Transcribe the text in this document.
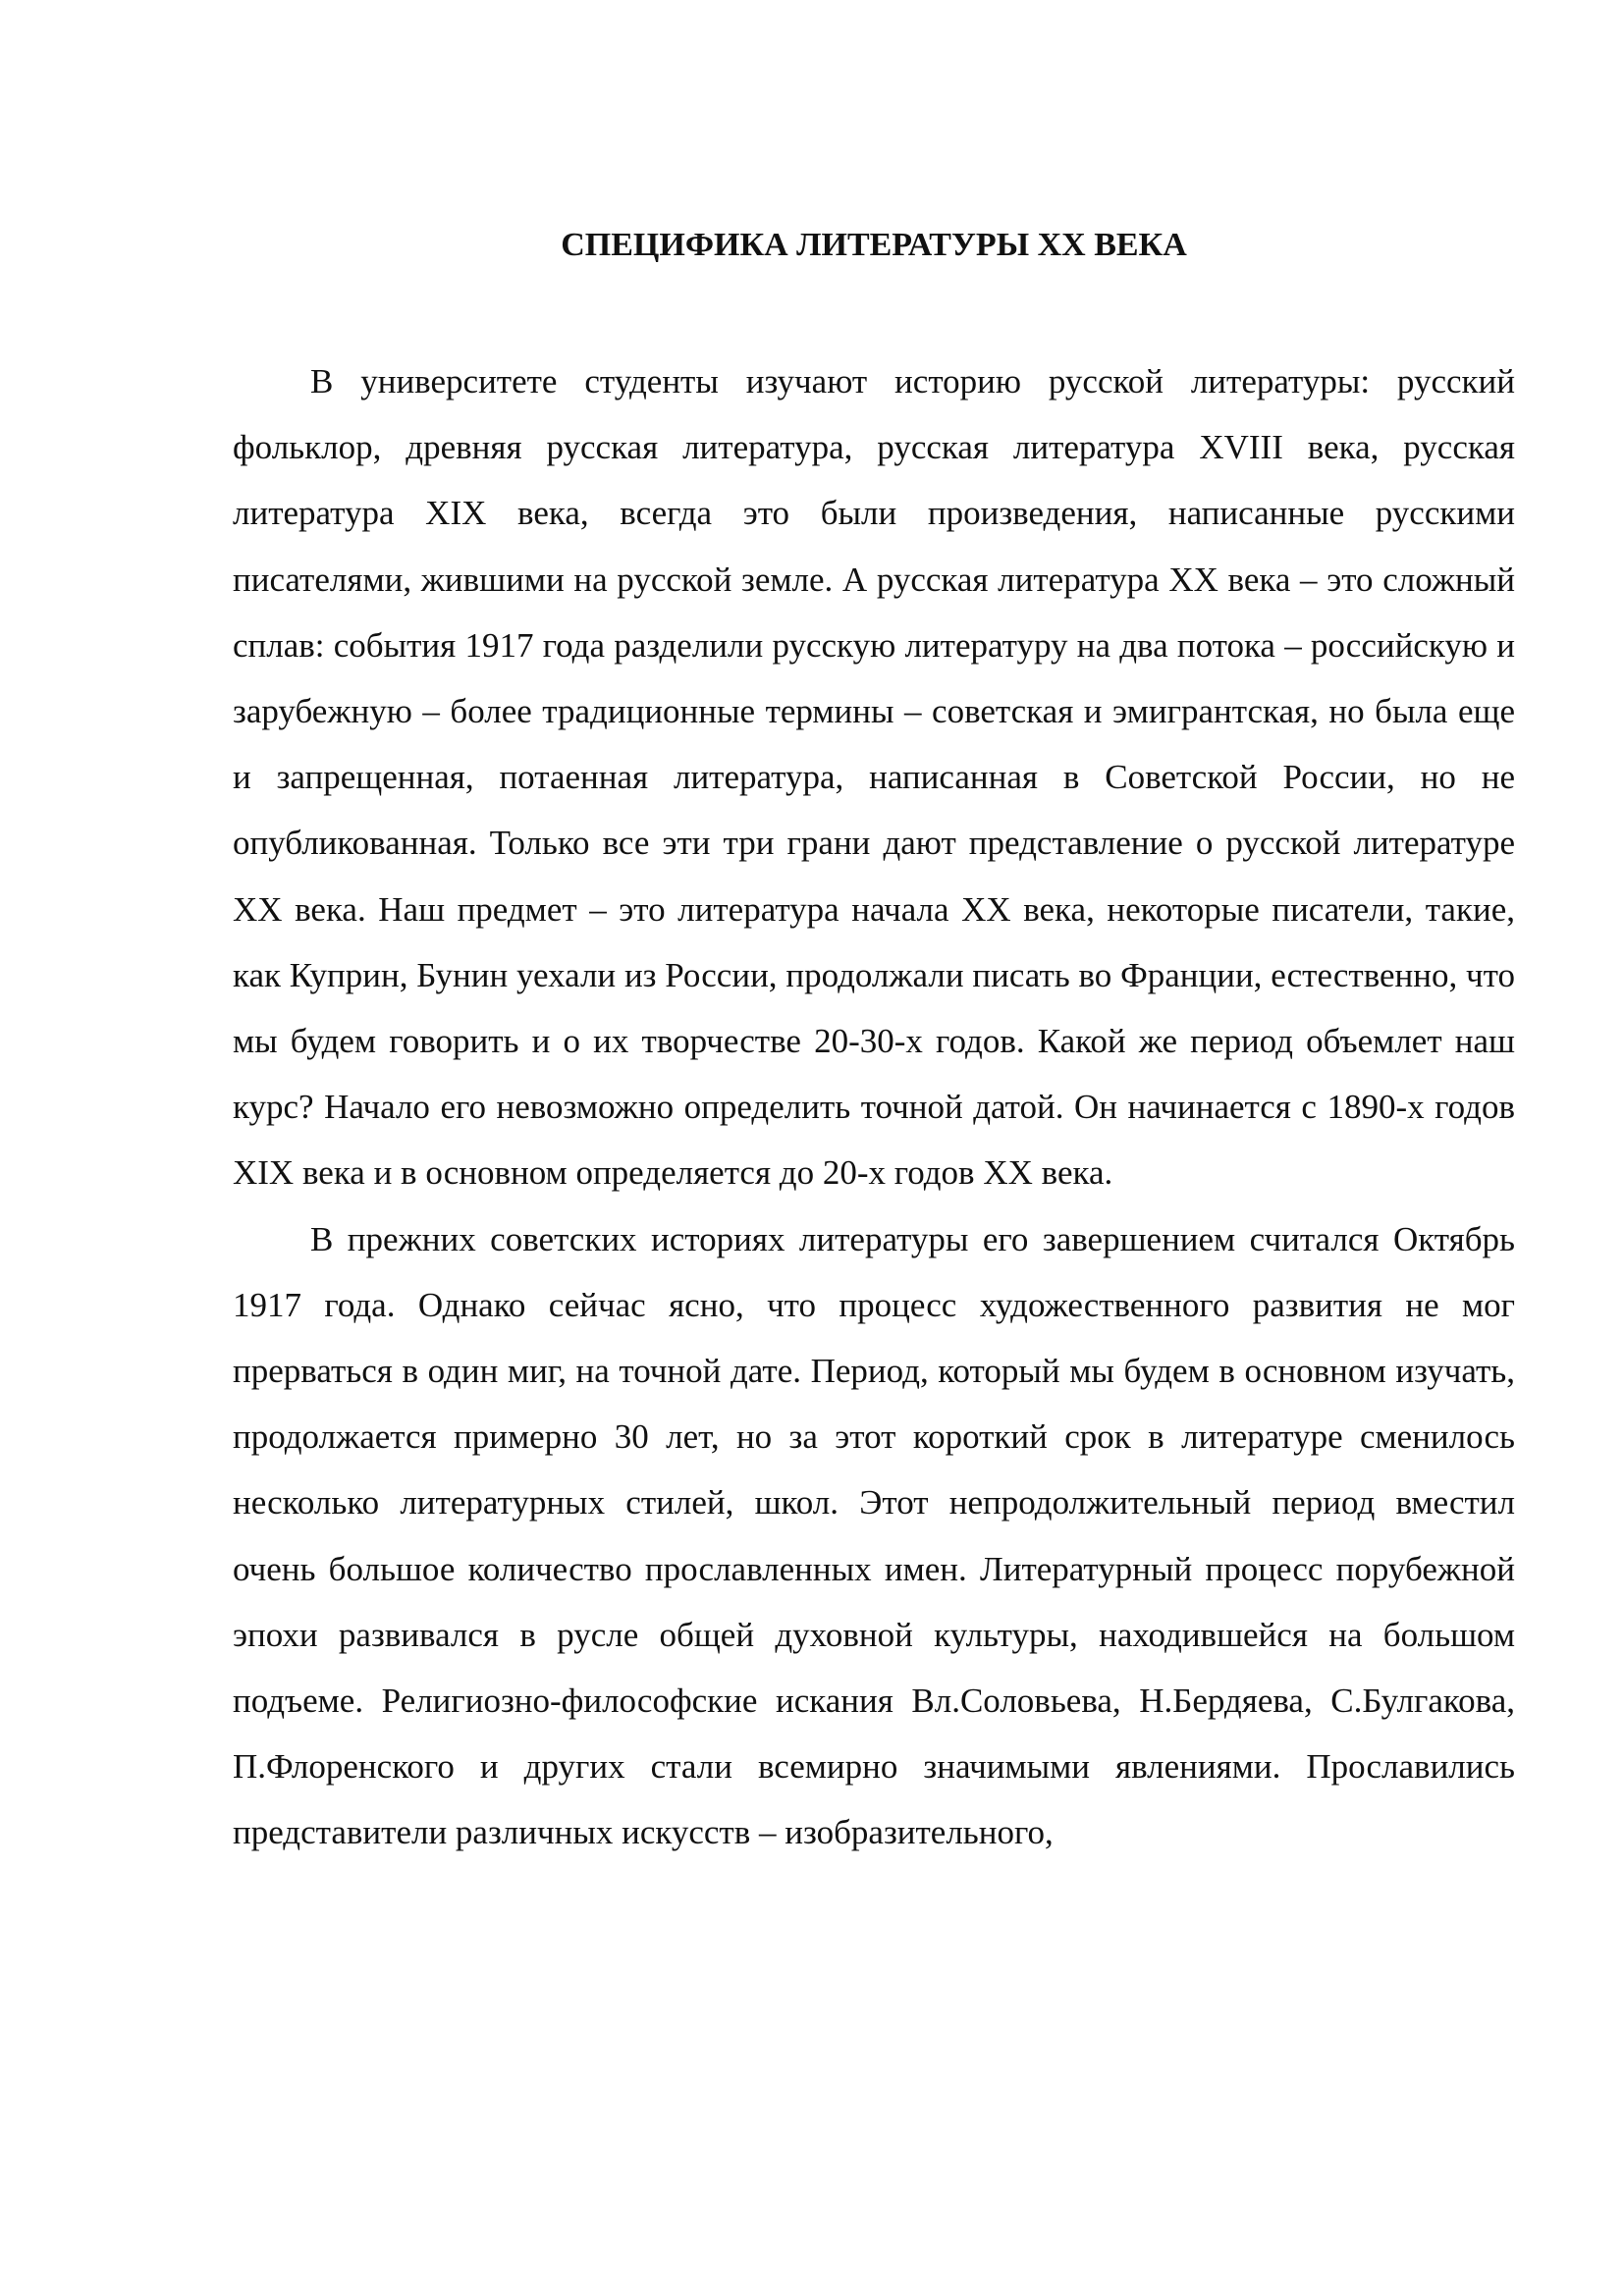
СПЕЦИФИКА ЛИТЕРАТУРЫ XX ВЕКА

В университете студенты изучают историю русской литературы: русский фольклор, древняя русская литература, русская литература XVIII века, русская литература XIX века, всегда это были произведения, написанные русскими писателями, жившими на русской земле. А русская литература XX века – это сложный сплав: события 1917 года разделили русскую литературу на два потока – российскую и зарубежную – более традиционные термины – советская и эмигрантская, но была еще и запрещенная, потаенная литература, написанная в Советской России, но не опубликованная. Только все эти три грани дают представление о русской литературе XX века. Наш предмет – это литература начала XX века, некоторые писатели, такие, как Куприн, Бунин уехали из России, продолжали писать во Франции, естественно, что мы будем говорить и о их творчестве 20-30-х годов. Какой же период объемлет наш курс? Начало его невозможно определить точной датой. Он начинается с 1890-х годов XIX века и в основном определяется до 20-х годов XX века.

В прежних советских историях литературы его завершением считался Октябрь 1917 года. Однако сейчас ясно, что процесс художественного развития не мог прерваться в один миг, на точной дате. Период, который мы будем в основном изучать, продолжается примерно 30 лет, но за этот короткий срок в литературе сменилось несколько литературных стилей, школ. Этот непродолжительный период вместил очень большое количество прославленных имен. Литературный процесс порубежной эпохи развивался в русле общей духовной культуры, находившейся на большом подъеме. Религиозно-философские искания Вл.Соловьева, Н.Бердяева, С.Булгакова, П.Флоренского и других стали всемирно значимыми явлениями. Прославились представители различных искусств – изобразительного,
